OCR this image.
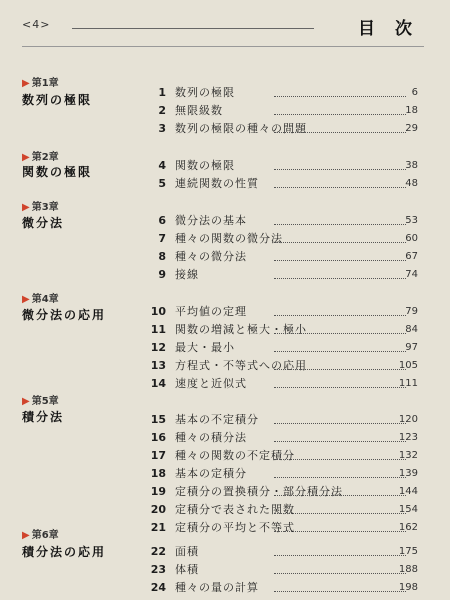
<4>	目次
▶ 第1章
数列の極限
▶ 第2章
関数の極限
▶ 第3章
微分法
▶ 第4章
微分法の応用
▶ 第5章
積分法
▶ 第6章
積分法の応用
1 数列の極限	6
2 無限級数	18
3 数列の極限の種々の問題	29
4 関数の極限	38
5 連続関数の性質	48
6 微分法の基本	53
7 種々の関数の微分法	60
8 種々の微分法	67
9 接線	74
10 平均値の定理	79
11 関数の増減と極大・極小	84
12 最大・最小	97
13 方程式・不等式への応用	105
14 速度と近似式	111
15 基本の不定積分	120
16 種々の積分法	123
17 種々の関数の不定積分	132
18 基本の定積分	139
19 定積分の置換積分・部分積分法	144
20 定積分で表された関数	154
21 定積分の平均と不等式	162
22 面積	175
23 体積	188
24 種々の量の計算	198
